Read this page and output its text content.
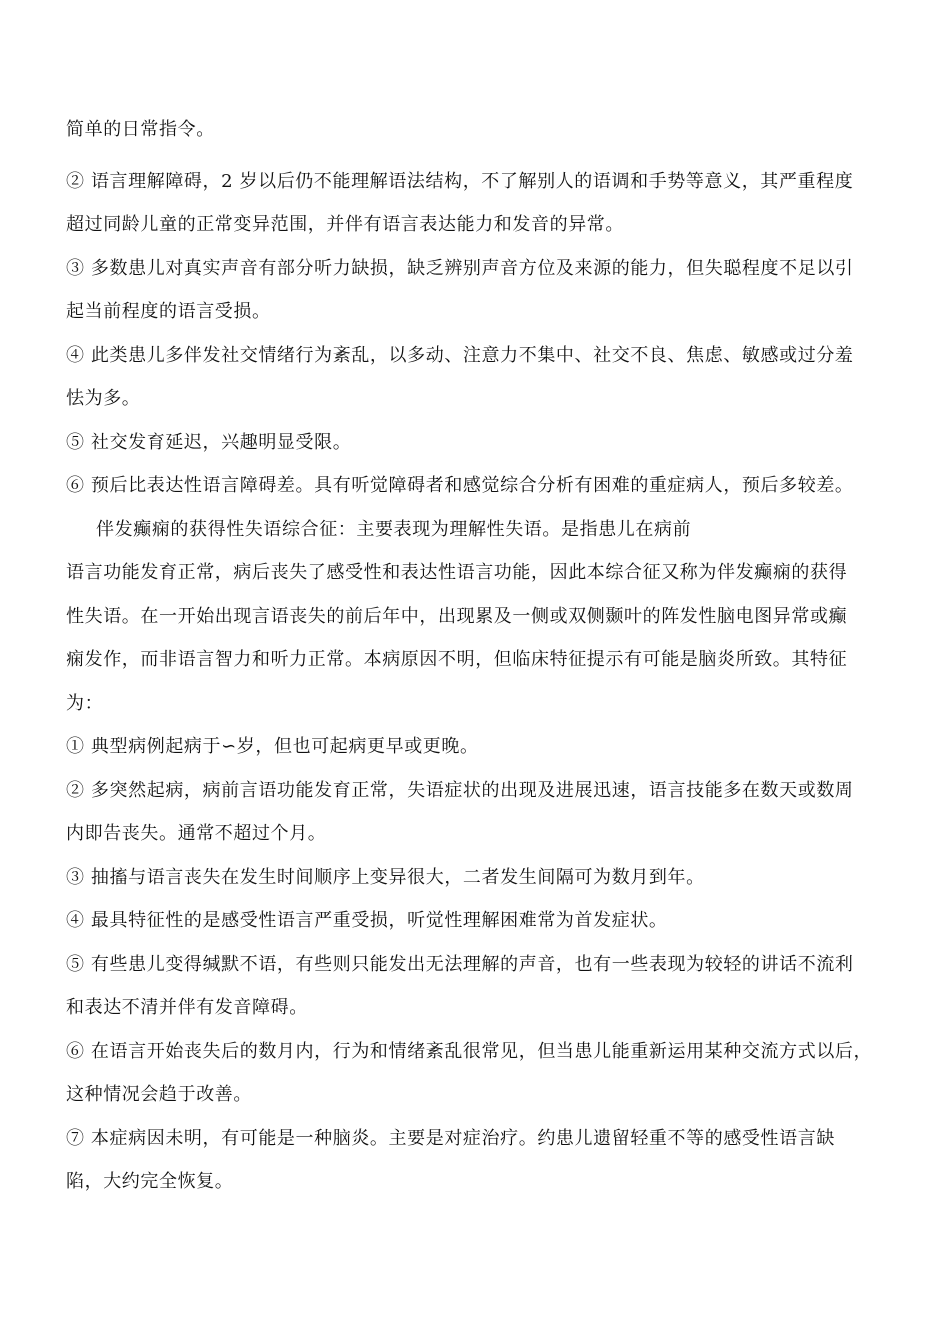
简单的日常指令。
② 语言理解障碍，2 岁以后仍不能理解语法结构，不了解别人的语调和手势等意义，其严重程度
超过同龄儿童的正常变异范围，并伴有语言表达能力和发音的异常。
③ 多数患儿对真实声音有部分听力缺损，缺乏辨别声音方位及来源的能力，但失聪程度不足以引
起当前程度的语言受损。
④ 此类患儿多伴发社交情绪行为紊乱，以多动、注意力不集中、社交不良、焦虑、敏感或过分羞
怯为多。
⑤ 社交发育延迟，兴趣明显受限。
⑥ 预后比表达性语言障碍差。具有听觉障碍者和感觉综合分析有困难的重症病人，预后多较差。
伴发癫痫的获得性失语综合征：主要表现为理解性失语。是指患儿在病前
语言功能发育正常，病后丧失了感受性和表达性语言功能，因此本综合征又称为伴发癫痫的获得
性失语。在一开始出现言语丧失的前后年中，出现累及一侧或双侧颞叶的阵发性脑电图异常或癫
痫发作，而非语言智力和听力正常。本病原因不明，但临床特征提示有可能是脑炎所致。其特征
为：
① 典型病例起病于∽岁，但也可起病更早或更晚。
② 多突然起病，病前言语功能发育正常，失语症状的出现及进展迅速，语言技能多在数天或数周
内即告丧失。通常不超过个月。
③ 抽搐与语言丧失在发生时间顺序上变异很大，二者发生间隔可为数月到年。
④ 最具特征性的是感受性语言严重受损，听觉性理解困难常为首发症状。
⑤ 有些患儿变得缄默不语，有些则只能发出无法理解的声音，也有一些表现为较轻的讲话不流利
和表达不清并伴有发音障碍。
⑥ 在语言开始丧失后的数月内，行为和情绪紊乱很常见，但当患儿能重新运用某种交流方式以后，
这种情况会趋于改善。
⑦ 本症病因未明，有可能是一种脑炎。主要是对症治疗。约患儿遗留轻重不等的感受性语言缺
陷，大约完全恢复。
